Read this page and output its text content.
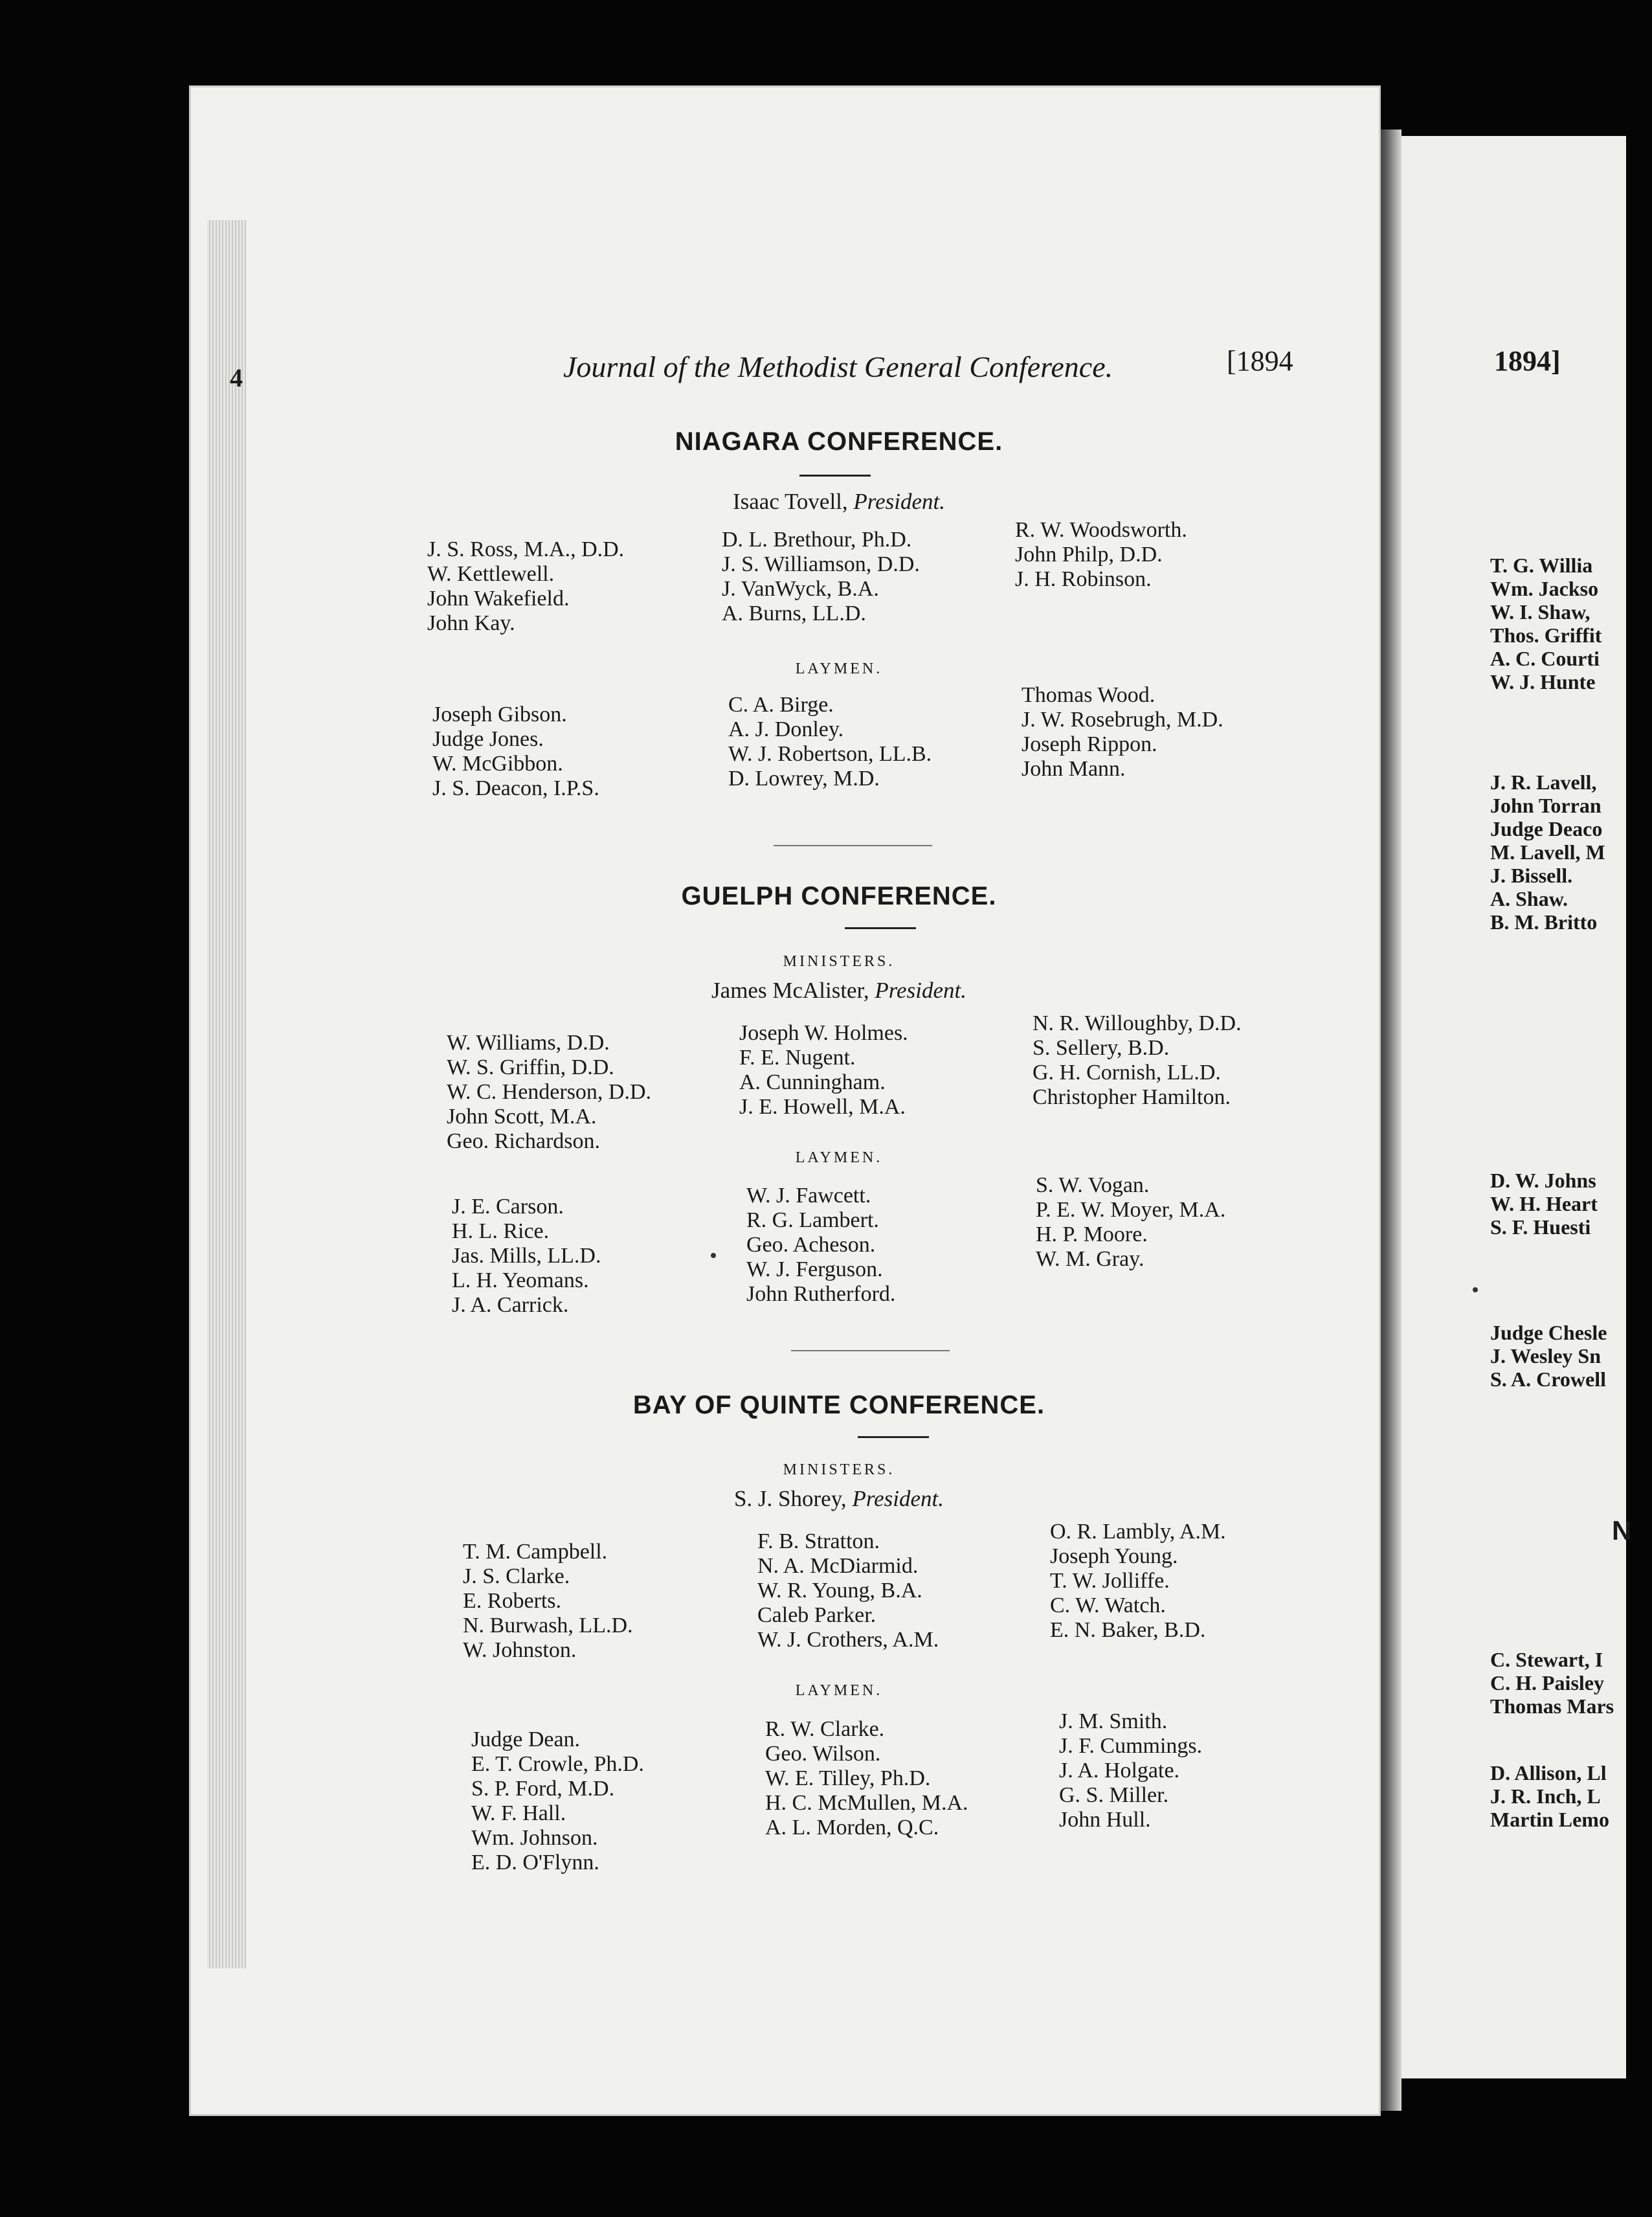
4	Journal of the Methodist General Conference.	[1894
NIAGARA CONFERENCE.
Isaac Tovell, President.
J. S. Ross, M.A., D.D.
W. Kettlewell.
John Wakefield.
John Kay.
D. L. Brethour, Ph.D.
J. S. Williamson, D.D.
J. VanWyck, B.A.
A. Burns, LL.D.
R. W. Woodsworth.
John Philp, D.D.
J. H. Robinson.
LAYMEN.
Joseph Gibson.
Judge Jones.
W. McGibbon.
J. S. Deacon, I.P.S.
C. A. Birge.
A. J. Donley.
W. J. Robertson, LL.B.
D. Lowrey, M.D.
Thomas Wood.
J. W. Rosebrugh, M.D.
Joseph Rippon.
John Mann.
GUELPH CONFERENCE.
MINISTERS.
James McAlister, President.
W. Williams, D.D.
W. S. Griffin, D.D.
W. C. Henderson, D.D.
John Scott, M.A.
Geo. Richardson.
Joseph W. Holmes.
F. E. Nugent.
A. Cunningham.
J. E. Howell, M.A.
N. R. Willoughby, D.D.
S. Sellery, B.D.
G. H. Cornish, LL.D.
Christopher Hamilton.
LAYMEN.
J. E. Carson.
H. L. Rice.
Jas. Mills, LL.D.
L. H. Yeomans.
J. A. Carrick.
W. J. Fawcett.
R. G. Lambert.
Geo. Acheson.
W. J. Ferguson.
John Rutherford.
S. W. Vogan.
P. E. W. Moyer, M.A.
H. P. Moore.
W. M. Gray.
BAY OF QUINTE CONFERENCE.
MINISTERS.
S. J. Shorey, President.
T. M. Campbell.
J. S. Clarke.
E. Roberts.
N. Burwash, LL.D.
W. Johnston.
F. B. Stratton.
N. A. McDiarmid.
W. R. Young, B.A.
Caleb Parker.
W. J. Crothers, A.M.
O. R. Lambly, A.M.
Joseph Young.
T. W. Jolliffe.
C. W. Watch.
E. N. Baker, B.D.
LAYMEN.
Judge Dean.
E. T. Crowle, Ph.D.
S. P. Ford, M.D.
W. F. Hall.
Wm. Johnson.
E. D. O'Flynn.
R. W. Clarke.
Geo. Wilson.
W. E. Tilley, Ph.D.
H. C. McMullen, M.A.
A. L. Morden, Q.C.
J. M. Smith.
J. F. Cummings.
J. A. Holgate.
G. S. Miller.
John Hull.
1894]
T. G. Willia
Wm. Jackso
W. I. Shaw,
Thos. Griffit
A. C. Courti
W. J. Hunte
J. R. Lavell,
John Torran
Judge Deaco
M. Lavell, M
J. Bissell.
A. Shaw.
B. M. Britto
D. W. Johns
W. H. Heart
S. F. Huesti
Judge Chesle
J. Wesley Sn
S. A. Crowell
N
C. Stewart, I
C. H. Paisley
Thomas Mars
D. Allison, Ll
J. R. Inch, L
Martin Lemo
